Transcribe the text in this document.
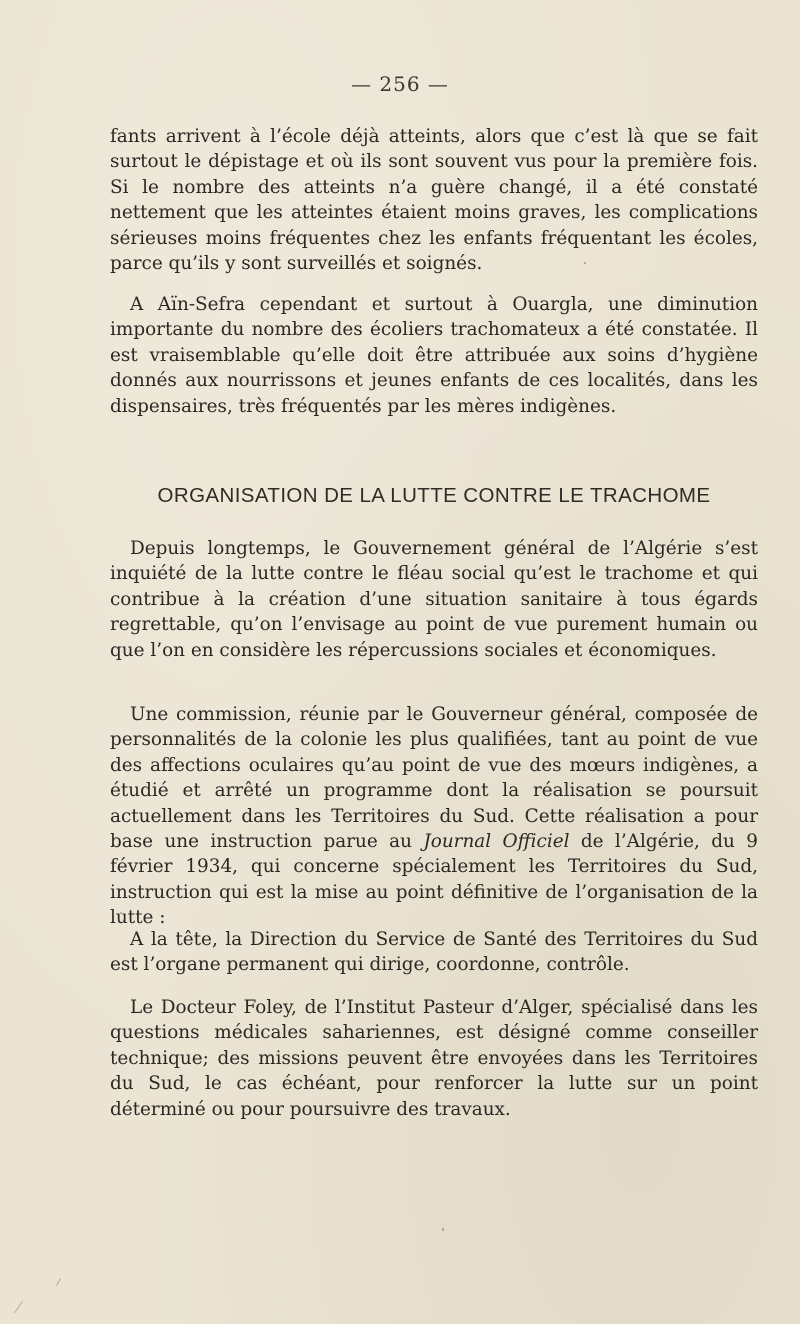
— 256 —

fants arrivent à l’école déjà atteints, alors que c’est là que se fait surtout le dépistage et où ils sont souvent vus pour la première fois. Si le nombre des atteints n’a guère changé, il a été constaté nettement que les atteintes étaient moins graves, les complications sérieuses moins fréquentes chez les enfants fréquentant les écoles, parce qu’ils y sont surveillés et soignés.

A Aïn-Sefra cependant et surtout à Ouargla, une diminution importante du nombre des écoliers trachomateux a été constatée. Il est vraisemblable qu’elle doit être attribuée aux soins d’hygiène donnés aux nourrissons et jeunes enfants de ces localités, dans les dispensaires, très fréquentés par les mères indigènes.

ORGANISATION DE LA LUTTE CONTRE LE TRACHOME

Depuis longtemps, le Gouvernement général de l’Algérie s’est inquiété de la lutte contre le fléau social qu’est le trachome et qui contribue à la création d’une situation sanitaire à tous égards regrettable, qu’on l’envisage au point de vue purement humain ou que l’on en considère les répercussions sociales et économiques.

Une commission, réunie par le Gouverneur général, composée de personnalités de la colonie les plus qualifiées, tant au point de vue des affections oculaires qu’au point de vue des mœurs indigènes, a étudié et arrêté un programme dont la réalisation se poursuit actuellement dans les Territoires du Sud. Cette réalisation a pour base une instruction parue au Journal Officiel de l’Algérie, du 9 février 1934, qui concerne spécialement les Territoires du Sud, instruction qui est la mise au point définitive de l’organisation de la lutte :

A la tête, la Direction du Service de Santé des Territoires du Sud est l’organe permanent qui dirige, coordonne, contrôle.

Le Docteur Foley, de l’Institut Pasteur d’Alger, spécialisé dans les questions médicales sahariennes, est désigné comme conseiller technique; des missions peuvent être envoyées dans les Territoires du Sud, le cas échéant, pour renforcer la lutte sur un point déterminé ou pour poursuivre des travaux.
